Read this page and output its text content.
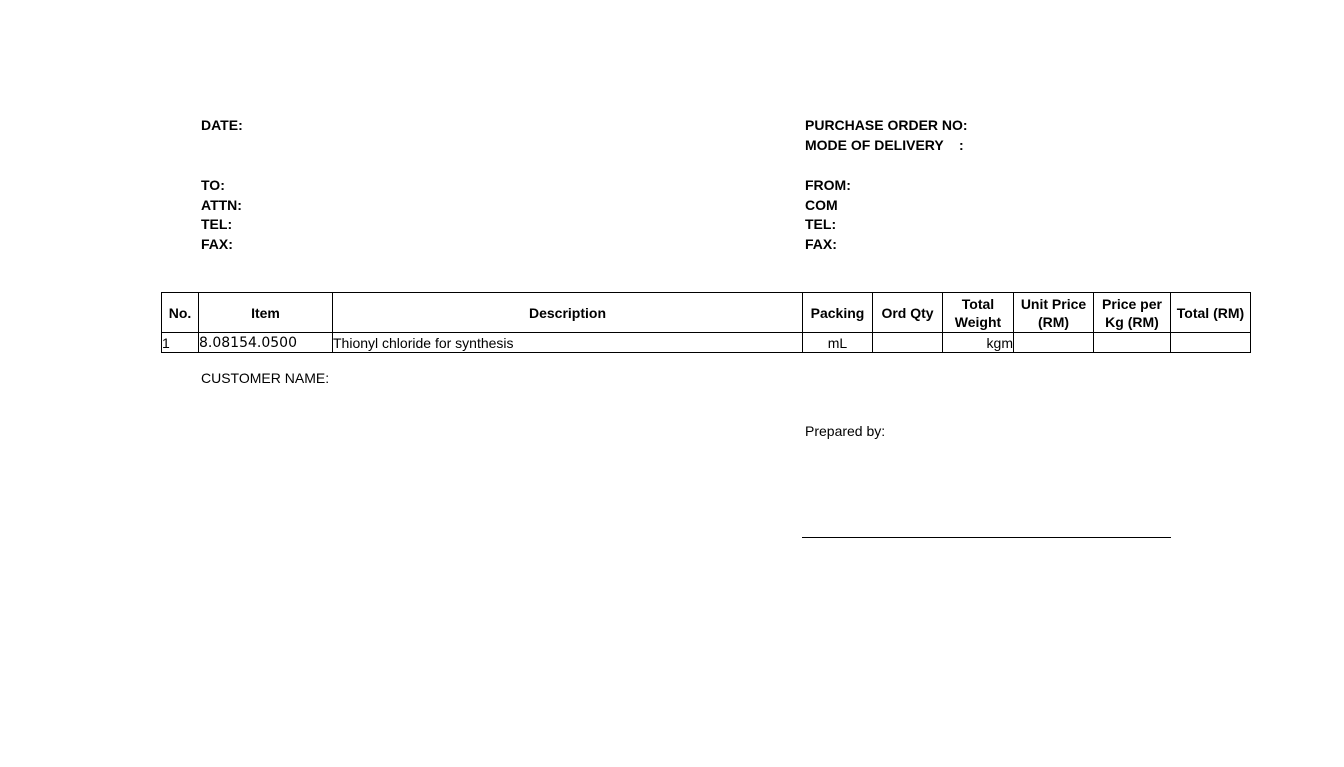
DATE:	PURCHASE ORDER NO:
MODE OF DELIVERY    :
TO:
ATTN:
TEL:
FAX:
FROM:
COM
TEL:
FAX:
No.	Item	Description	Packing	Ord Qty	Total Weight	Unit Price (RM)	Price per Kg (RM)	Total (RM)
1	8.08154.0500	Thionyl chloride for synthesis	mL		kgm			
CUSTOMER NAME:
Prepared by:
